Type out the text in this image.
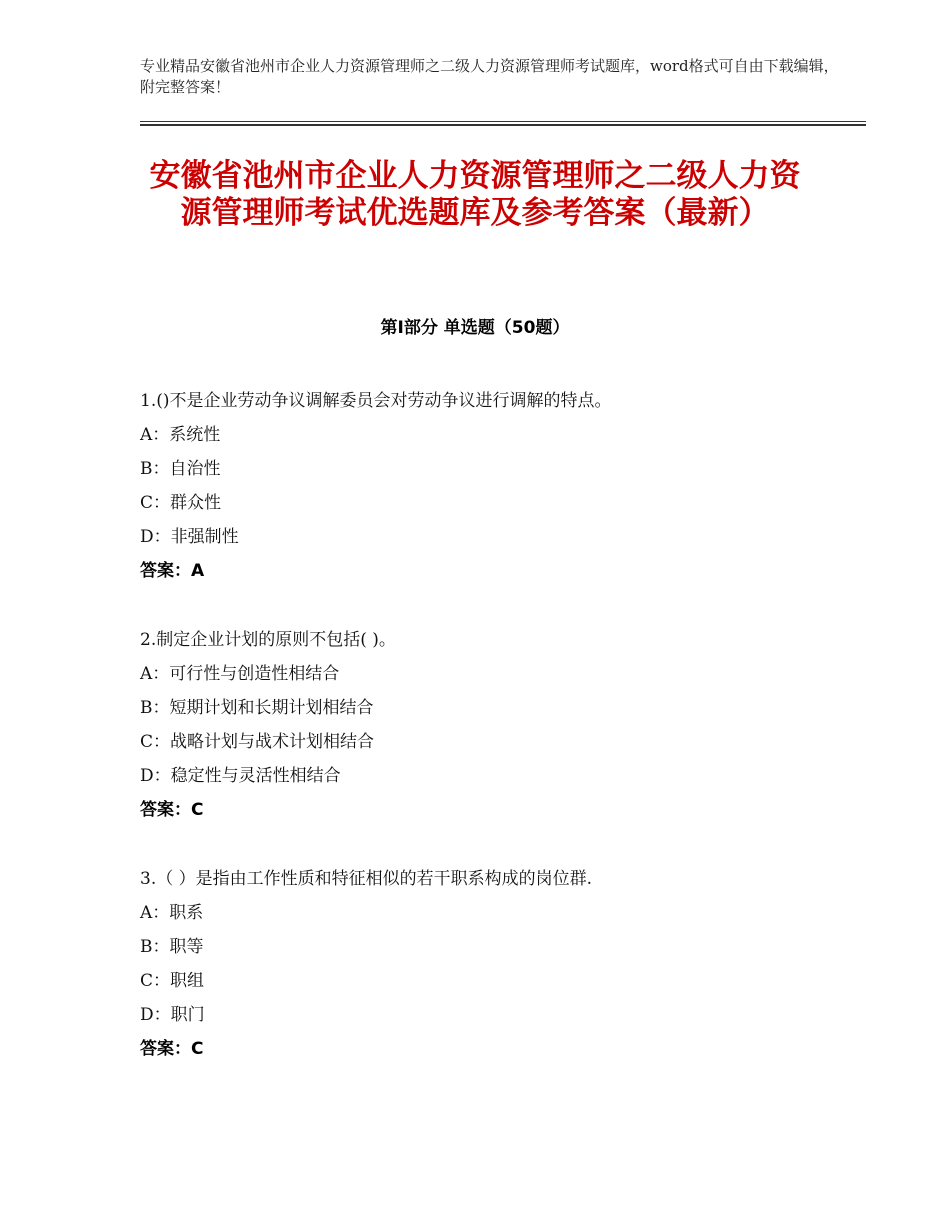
专业精品安徽省池州市企业人力资源管理师之二级人力资源管理师考试题库，word格式可自由下载编辑，附完整答案！
安徽省池州市企业人力资源管理师之二级人力资源管理师考试优选题库及参考答案（最新）
第Ⅰ部分 单选题（50题）
1.()不是企业劳动争议调解委员会对劳动争议进行调解的特点。
A：系统性
B：自治性
C：群众性
D：非强制性
答案：A
2.制定企业计划的原则不包括( )。
A：可行性与创造性相结合
B：短期计划和长期计划相结合
C：战略计划与战术计划相结合
D：稳定性与灵活性相结合
答案：C
3.（ ）是指由工作性质和特征相似的若干职系构成的岗位群.
A：职系
B：职等
C：职组
D：职门
答案：C
